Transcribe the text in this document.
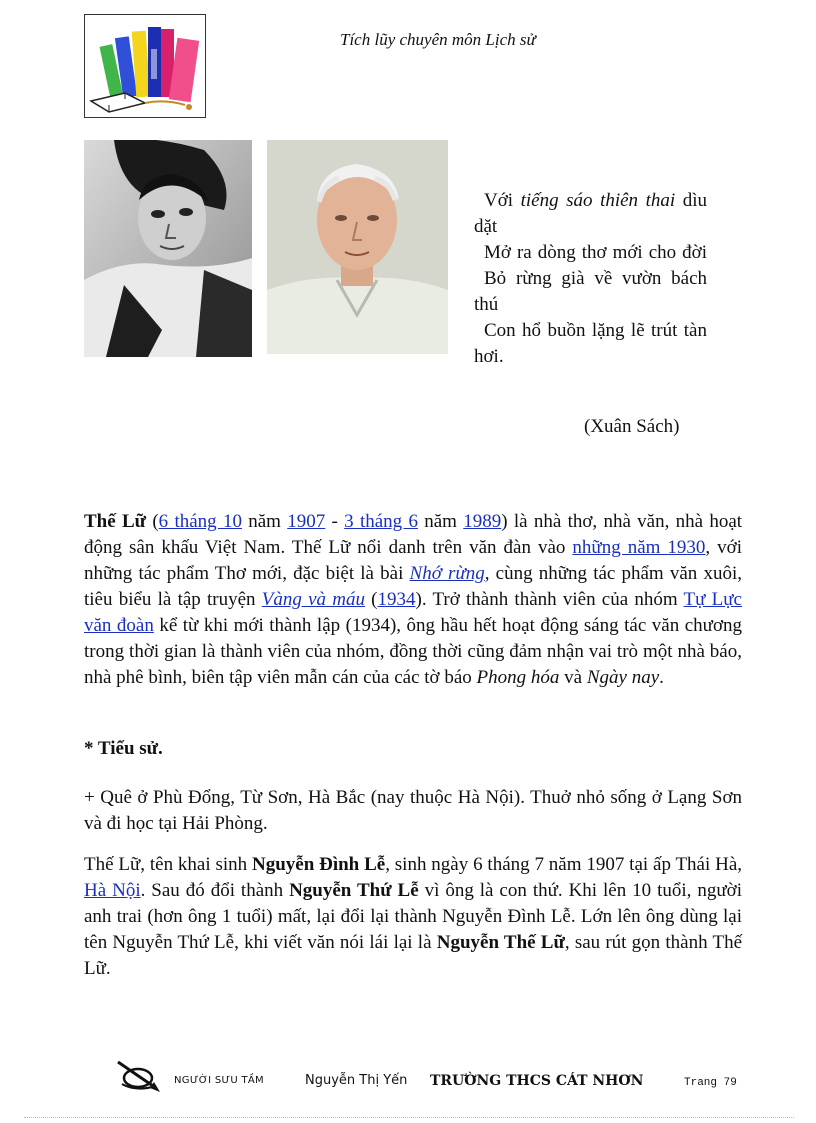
Tích lũy chuyên môn Lịch sử
Với tiếng sáo thiên thai dìu dặt
Mở ra dòng thơ mới cho đời
Bỏ rừng già về vườn bách thú
Con hổ buồn lặng lẽ trút tàn hơi.
(Xuân Sách)
Thế Lữ (6 tháng 10 năm 1907 - 3 tháng 6 năm 1989) là nhà thơ, nhà văn, nhà hoạt động sân khấu Việt Nam. Thế Lữ nổi danh trên văn đàn vào những năm 1930, với những tác phẩm Thơ mới, đặc biệt là bài Nhớ rừng, cùng những tác phẩm văn xuôi, tiêu biểu là tập truyện Vàng và máu (1934). Trở thành thành viên của nhóm Tự Lực văn đoàn kể từ khi mới thành lập (1934), ông hầu hết hoạt động sáng tác văn chương trong thời gian là thành viên của nhóm, đồng thời cũng đảm nhận vai trò một nhà báo, nhà phê bình, biên tập viên mẫn cán của các tờ báo Phong hóa và Ngày nay.
* Tiểu sử.
+ Quê ở Phù Đổng, Từ Sơn, Hà Bắc (nay thuộc Hà Nội). Thuở nhỏ sống ở Lạng Sơn và đi học tại Hải Phòng.
Thế Lữ, tên khai sinh Nguyễn Đình Lễ, sinh ngày 6 tháng 7 năm 1907 tại ấp Thái Hà, Hà Nội. Sau đó đổi thành Nguyễn Thứ Lễ vì ông là con thứ. Khi lên 10 tuổi, người anh trai (hơn ông 1 tuổi) mất, lại đổi lại thành Nguyễn Đình Lễ. Lớn lên ông dùng lại tên Nguyễn Thứ Lễ, khi viết văn nói lái lại là Nguyễn Thế Lữ, sau rút gọn thành Thế Lữ.
NGƯỜI SƯU TẦM	Nguyễn Thị Yến TRƯỜNG THCS CÁT NHƠN	Trang 79
